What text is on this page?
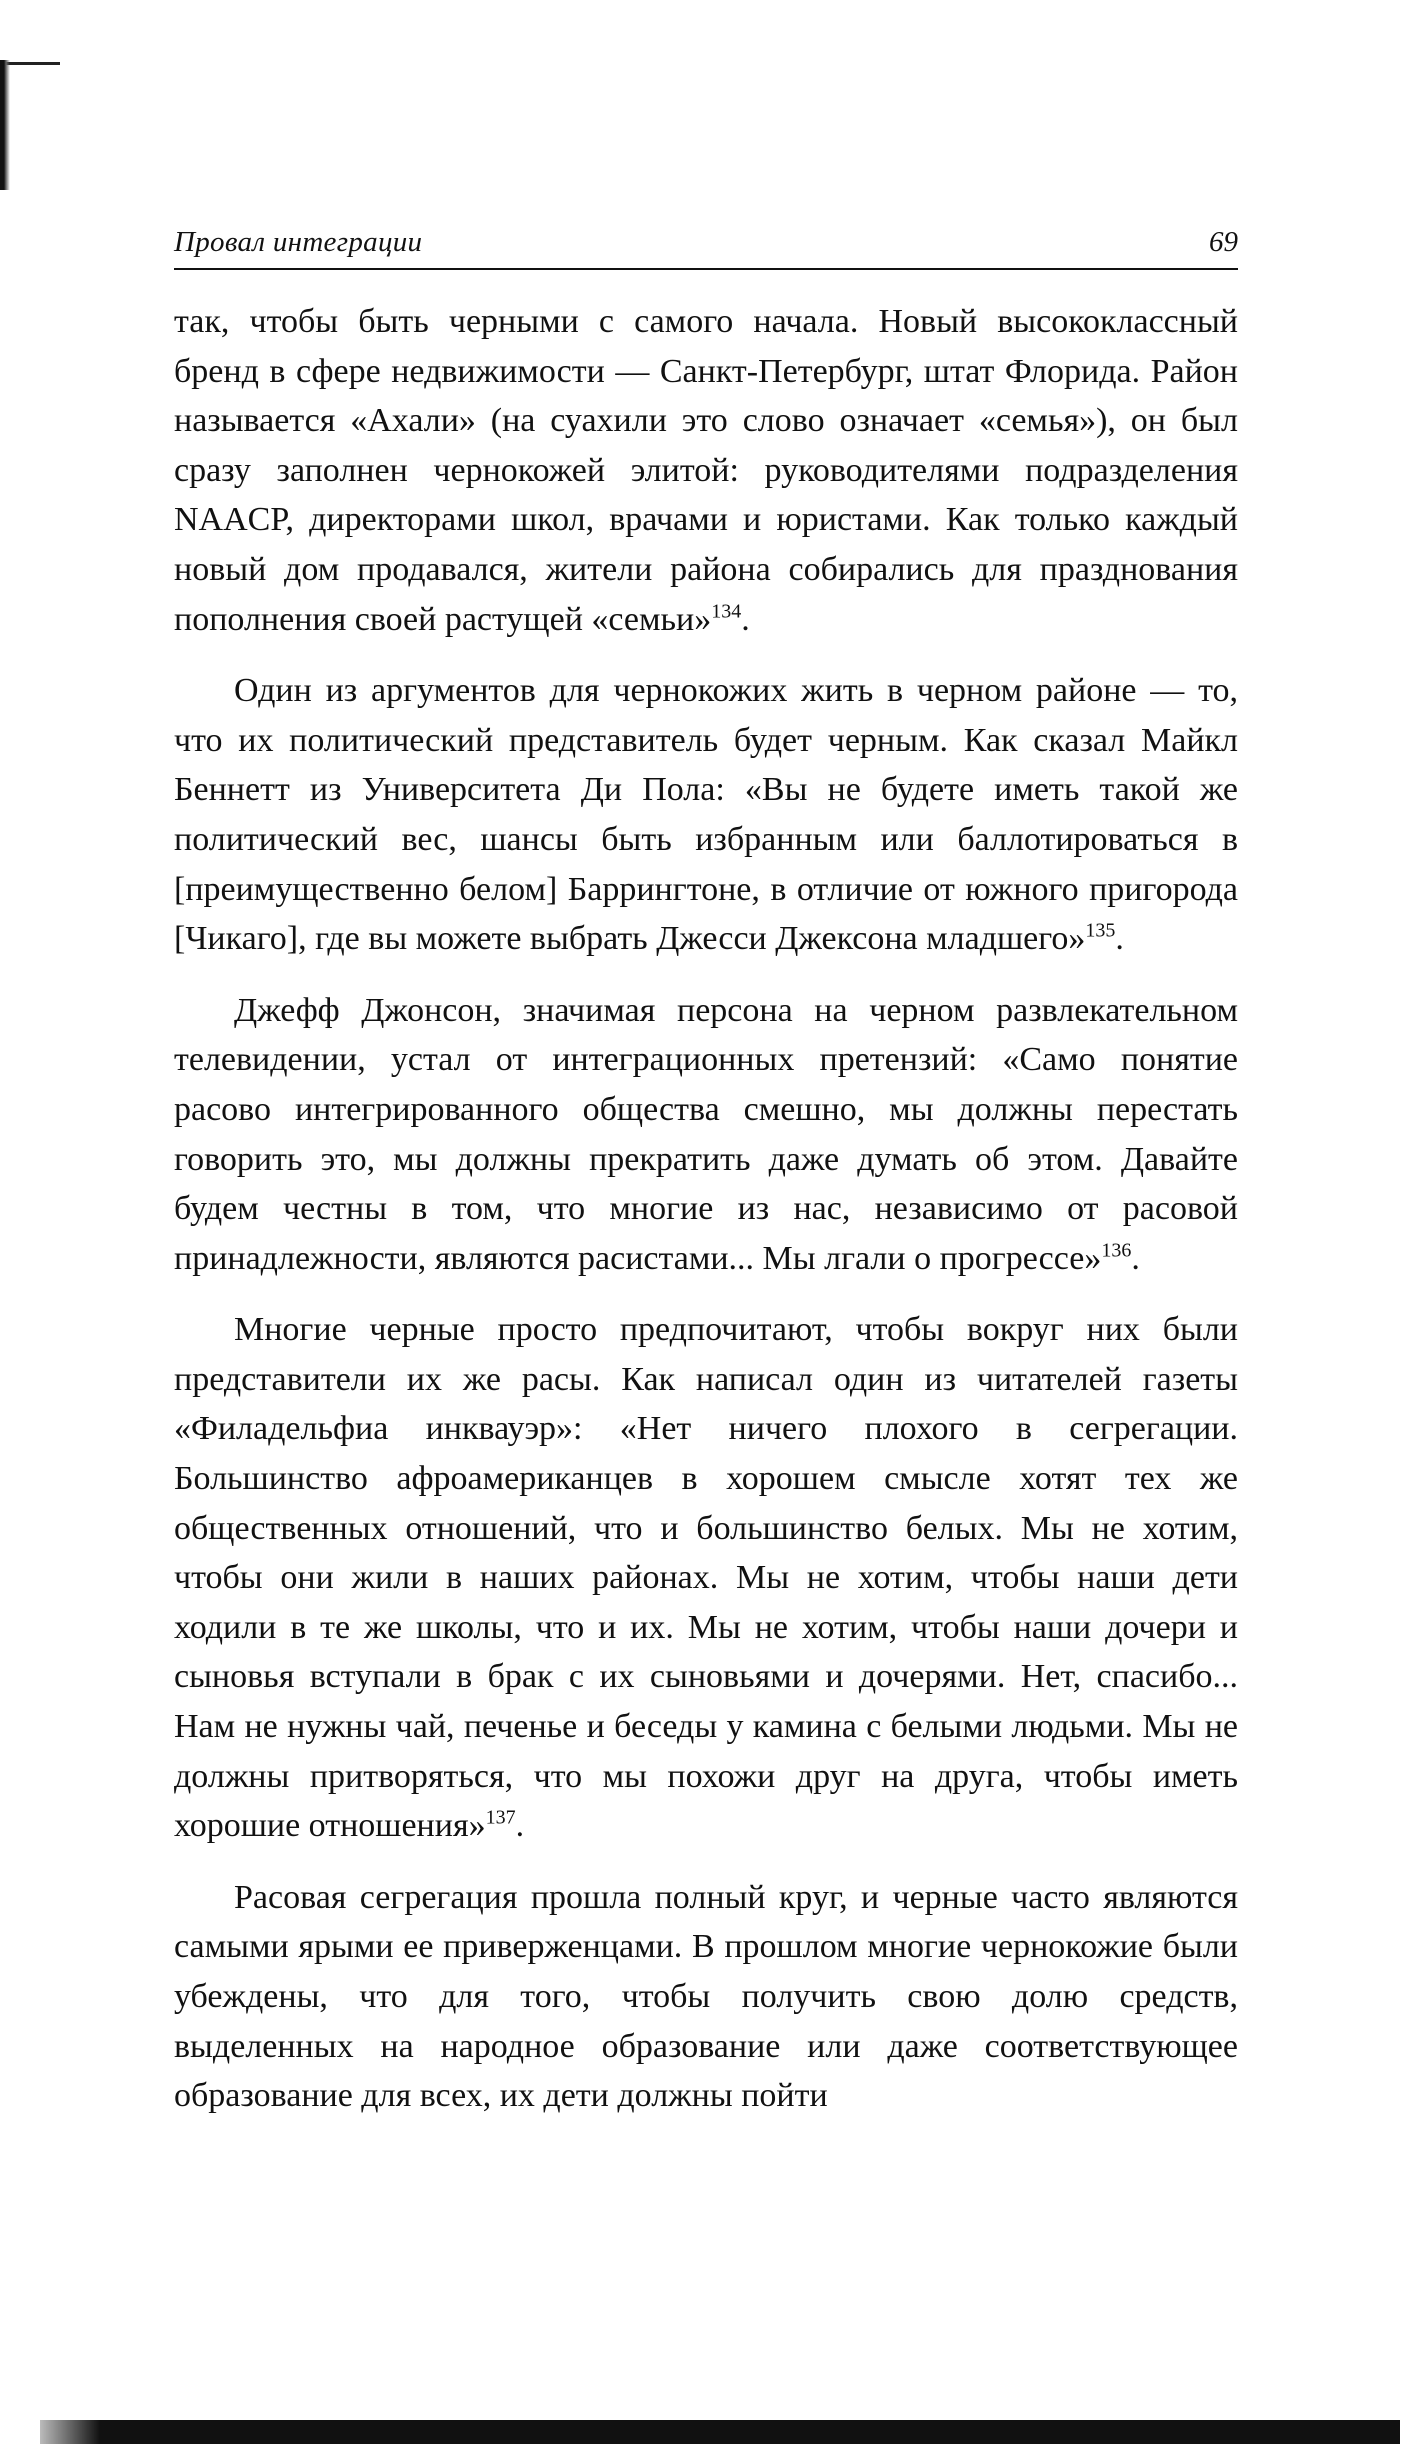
Провал интеграции	69

так, чтобы быть черными с самого начала. Новый высококлассный бренд в сфере недвижимости — Санкт-Петербург, штат Флорида. Район называется «Ахали» (на суахили это слово означает «семья»), он был сразу заполнен чернокожей элитой: руководителями подразделения NAACP, директорами школ, врачами и юристами. Как только каждый новый дом продавался, жители района собирались для празднования пополнения своей растущей «семьи»$^{134}$.

Один из аргументов для чернокожих жить в черном районе — то, что их политический представитель будет черным. Как сказал Майкл Беннетт из Университета Ди Пола: «Вы не будете иметь такой же политический вес, шансы быть избранным или баллотироваться в [преимущественно белом] Баррингтоне, в отличие от южного пригорода [Чикаго], где вы можете выбрать Джесси Джексона младшего»$^{135}$.

Джефф Джонсон, значимая персона на черном развлекательном телевидении, устал от интеграционных претензий: «Само понятие расово интегрированного общества смешно, мы должны перестать говорить это, мы должны прекратить даже думать об этом. Давайте будем честны в том, что многие из нас, независимо от расовой принадлежности, являются расистами... Мы лгали о прогрессе»$^{136}$.

Многие черные просто предпочитают, чтобы вокруг них были представители их же расы. Как написал один из читателей газеты «Филадельфиа инквауэр»: «Нет ничего плохого в сегрегации. Большинство афроамериканцев в хорошем смысле хотят тех же общественных отношений, что и большинство белых. Мы не хотим, чтобы они жили в наших районах. Мы не хотим, чтобы наши дети ходили в те же школы, что и их. Мы не хотим, чтобы наши дочери и сыновья вступали в брак с их сыновьями и дочерями. Нет, спасибо... Нам не нужны чай, печенье и беседы у камина с белыми людьми. Мы не должны притворяться, что мы похожи друг на друга, чтобы иметь хорошие отношения»$^{137}$.

Расовая сегрегация прошла полный круг, и черные часто являются самыми ярыми ее приверженцами. В прошлом многие чернокожие были убеждены, что для того, чтобы получить свою долю средств, выделенных на народное образование или даже соответствующее образование для всех, их дети должны пойти
